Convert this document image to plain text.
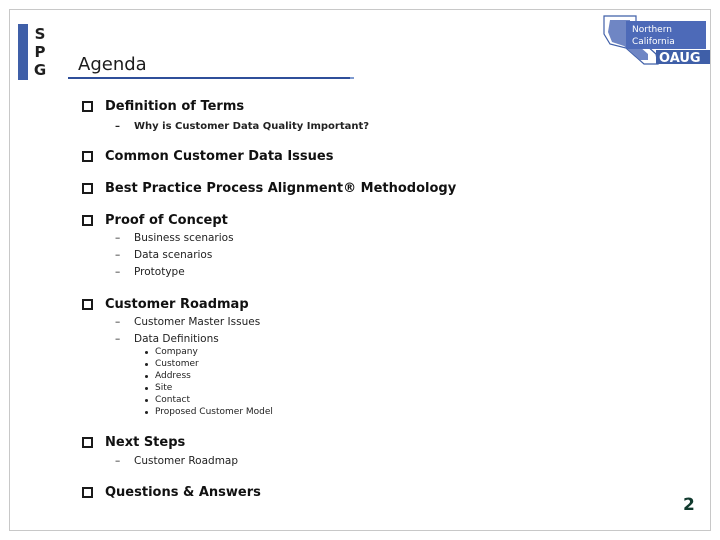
S
P
G Agenda
Northern
California
OAUG
Definition of Terms
–	Why is Customer Data Quality Important?
Common Customer Data Issues
Best Practice Process Alignment® Methodology
Proof of Concept
–	Business scenarios
–	Data scenarios
–	Prototype
Customer Roadmap
–	Customer Master Issues
–	Data Definitions
Company
Customer
Address
Site
Contact
Proposed Customer Model
Next Steps
–	Customer Roadmap
Questions & Answers
2
